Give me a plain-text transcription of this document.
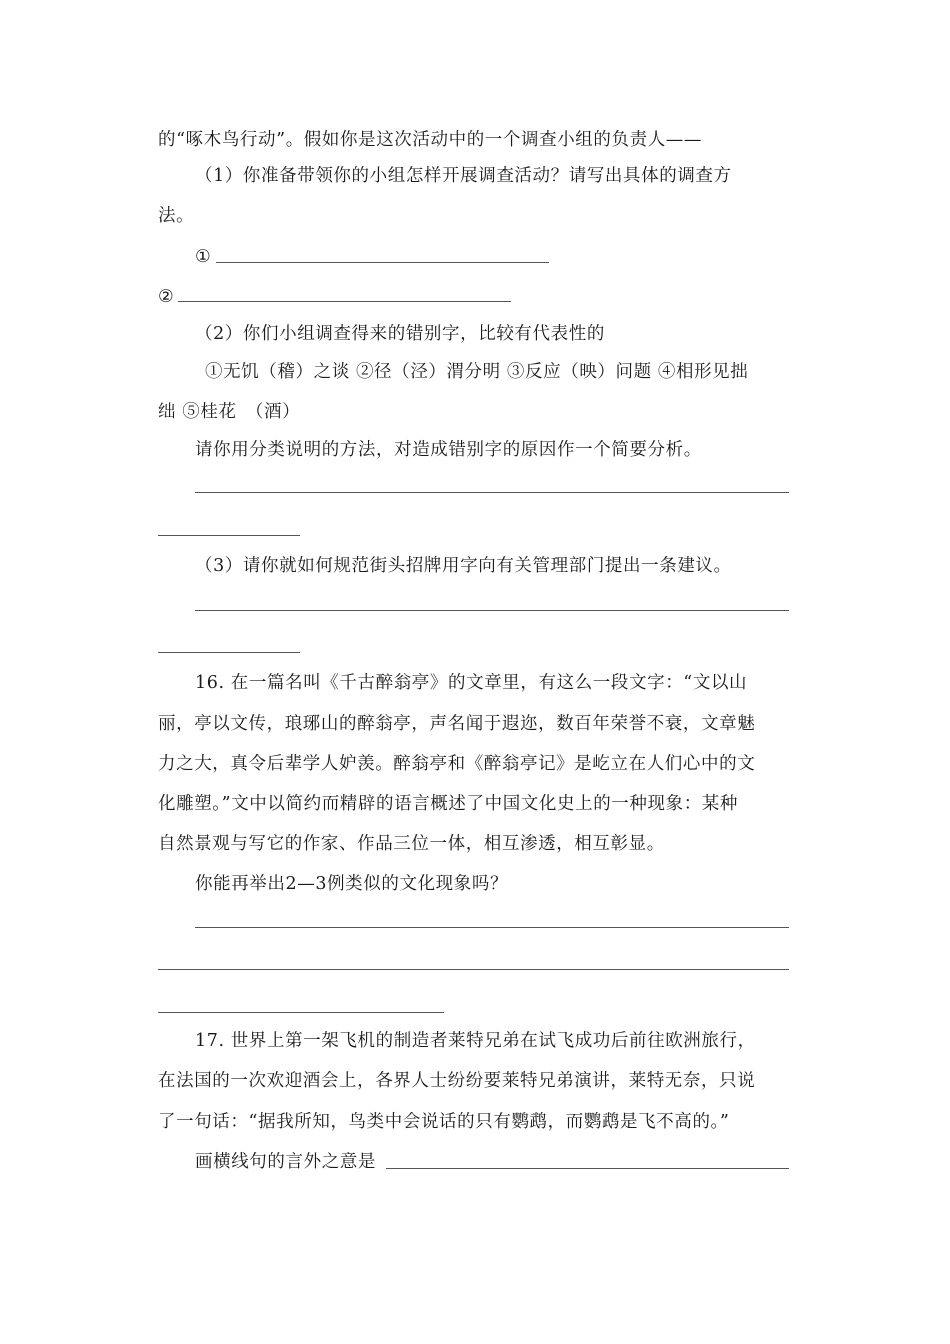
的“啄木鸟行动”。假如你是这次活动中的一个调查小组的负责人——
（1）你准备带领你的小组怎样开展调查活动？请写出具体的调查方
法。
①
②
（2）你们小组调查得来的错别字，比较有代表性的
①无饥（稽）之谈 ②径（泾）渭分明 ③反应（映）问题 ④相形见拙
绌 ⑤桂花　（酒）
请你用分类说明的方法，对造成错别字的原因作一个简要分析。
（3）请你就如何规范街头招牌用字向有关管理部门提出一条建议。
16. 在一篇名叫《千古醉翁亭》的文章里，有这么一段文字：“文以山
丽，亭以文传，琅琊山的醉翁亭，声名闻于遐迩，数百年荣誉不衰，文章魅
力之大，真令后辈学人妒羡。醉翁亭和《醉翁亭记》是屹立在人们心中的文
化雕塑。”文中以简约而精辟的语言概述了中国文化史上的一种现象：某种
自然景观与写它的作家、作品三位一体，相互渗透，相互彰显。
你能再举出2—3例类似的文化现象吗？
17. 世界上第一架飞机的制造者莱特兄弟在试飞成功后前往欧洲旅行，
在法国的一次欢迎酒会上，各界人士纷纷要莱特兄弟演讲，莱特无奈，只说
了一句话：“据我所知，鸟类中会说话的只有鹦鹉，而鹦鹉是飞不高的。”
画横线句的言外之意是
